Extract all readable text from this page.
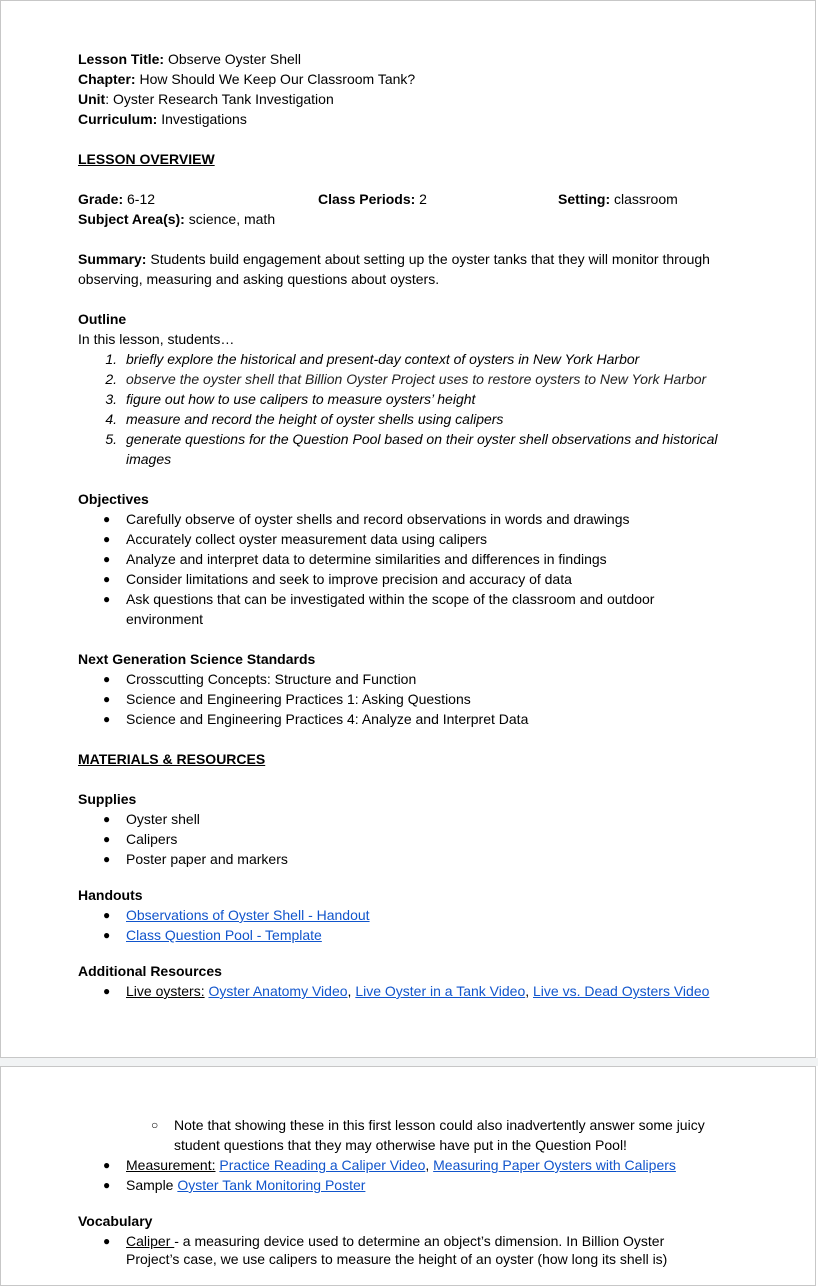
Lesson Title: Observe Oyster Shell
Chapter: How Should We Keep Our Classroom Tank?
Unit: Oyster Research Tank Investigation
Curriculum: Investigations
LESSON OVERVIEW
Grade: 6-12	Class Periods: 2	Setting: classroom
Subject Area(s): science, math
Summary: Students build engagement about setting up the oyster tanks that they will monitor through
observing, measuring and asking questions about oysters.
Outline
In this lesson, students…
1. briefly explore the historical and present-day context of oysters in New York Harbor
2. observe the oyster shell that Billion Oyster Project uses to restore oysters to New York Harbor
3. figure out how to use calipers to measure oysters’ height
4. measure and record the height of oyster shells using calipers
5. generate questions for the Question Pool based on their oyster shell observations and historical
images
Objectives
●	Carefully observe of oyster shells and record observations in words and drawings
●	Accurately collect oyster measurement data using calipers
●	Analyze and interpret data to determine similarities and differences in findings
●	Consider limitations and seek to improve precision and accuracy of data
●	Ask questions that can be investigated within the scope of the classroom and outdoor
environment
Next Generation Science Standards
●	Crosscutting Concepts: Structure and Function
●	Science and Engineering Practices 1: Asking Questions
●	Science and Engineering Practices 4: Analyze and Interpret Data
MATERIALS & RESOURCES
Supplies
●	Oyster shell
●	Calipers
●	Poster paper and markers
Handouts
●	Observations of Oyster Shell - Handout
●	Class Question Pool - Template
Additional Resources
●	Live oysters: Oyster Anatomy Video, Live Oyster in a Tank Video, Live vs. Dead Oysters Video
○	Note that showing these in this first lesson could also inadvertently answer some juicy
student questions that they may otherwise have put in the Question Pool!
●	Measurement: Practice Reading a Caliper Video, Measuring Paper Oysters with Calipers
●	Sample Oyster Tank Monitoring Poster
Vocabulary
●	Caliper - a measuring device used to determine an object’s dimension. In Billion Oyster
Project’s case, we use calipers to measure the height of an oyster (how long its shell is)
